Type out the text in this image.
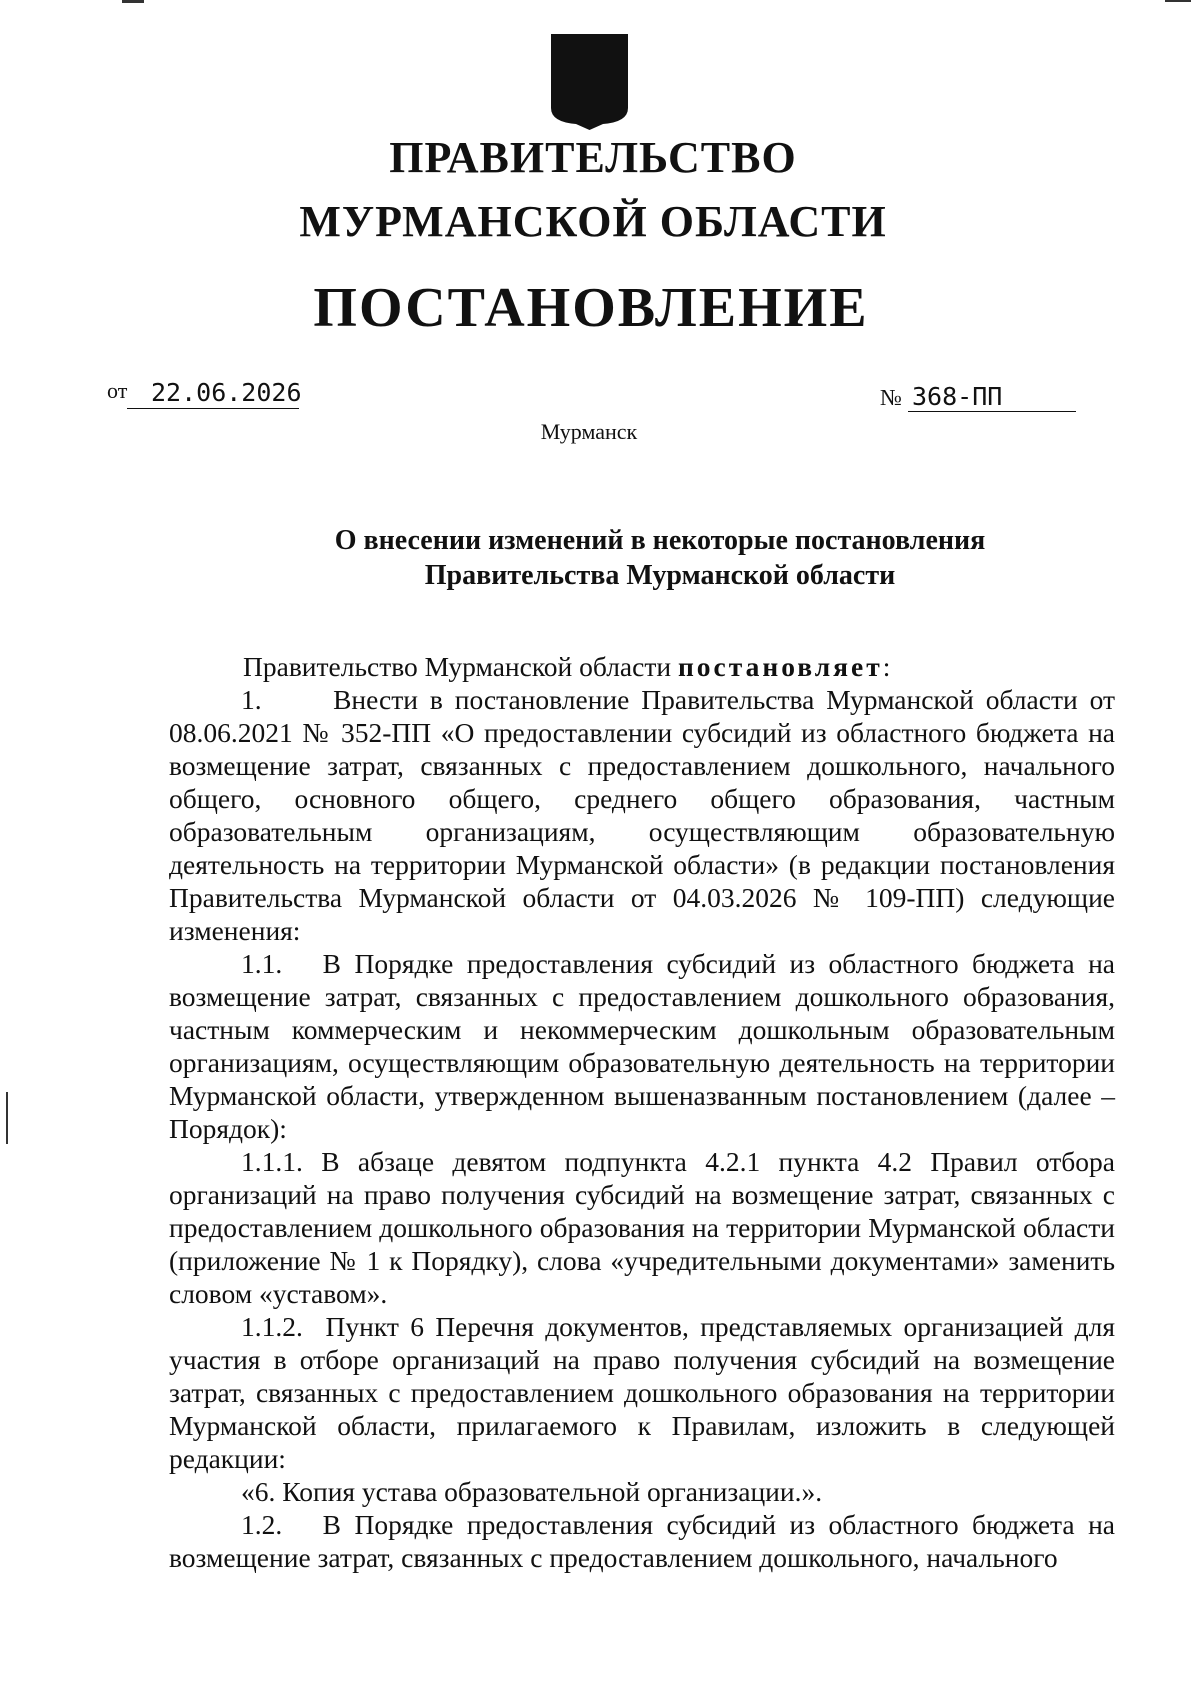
ПРАВИТЕЛЬСТВО
МУРМАНСКОЙ ОБЛАСТИ
ПОСТАНОВЛЕНИЕ
от 22.06.2026	№ 368-ПП
Мурманск
О внесении изменений в некоторые постановления
Правительства Мурманской области

Правительство Мурманской области постановляет:

1.      Внести в постановление Правительства Мурманской области от 08.06.2021 № 352-ПП «О предоставлении субсидий из областного бюджета на возмещение затрат, связанных с предоставлением дошкольного, начального общего, основного общего, среднего общего образования, частным образовательным организациям, осуществляющим образовательную деятельность на территории Мурманской области» (в редакции постановления Правительства Мурманской области от 04.03.2026 № 109-ПП) следующие изменения:

1.1.   В Порядке предоставления субсидий из областного бюджета на возмещение затрат, связанных с предоставлением дошкольного образования, частным коммерческим и некоммерческим дошкольным образовательным организациям, осуществляющим образовательную деятельность на территории Мурманской области, утвержденном вышеназванным постановлением (далее – Порядок):

1.1.1. В абзаце девятом подпункта 4.2.1 пункта 4.2 Правил отбора организаций на право получения субсидий на возмещение затрат, связанных с предоставлением дошкольного образования на территории Мурманской области (приложение № 1 к Порядку), слова «учредительными документами» заменить словом «уставом».

1.1.2.  Пункт 6 Перечня документов, представляемых организацией для участия в отборе организаций на право получения субсидий на возмещение затрат, связанных с предоставлением дошкольного образования на территории Мурманской области, прилагаемого к Правилам, изложить в следующей редакции:

«6. Копия устава образовательной организации.».

1.2.   В Порядке предоставления субсидий из областного бюджета на возмещение затрат, связанных с предоставлением дошкольного, начального
